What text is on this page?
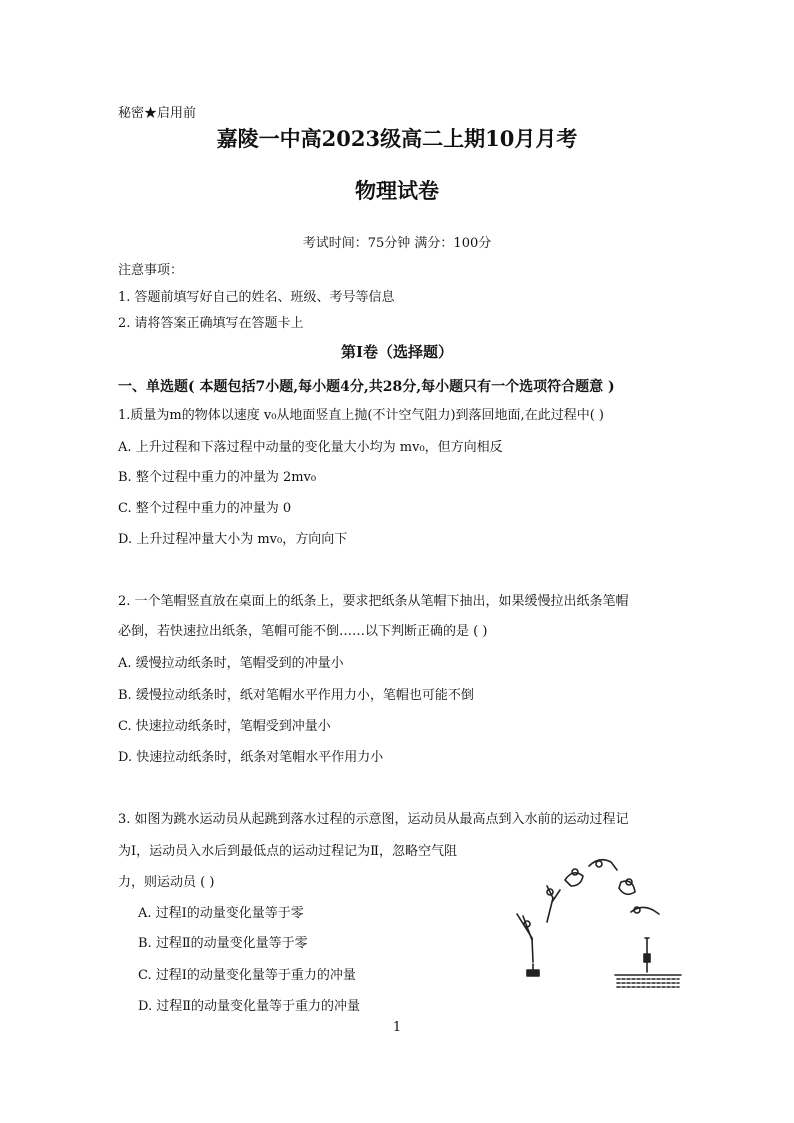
秘密★启用前
嘉陵一中高2023级高二上期10月月考
物理试卷
考试时间：75分钟 满分：100分
注意事项：
1. 答题前填写好自己的姓名、班级、考号等信息
2. 请将答案正确填写在答题卡上
第Ⅰ卷（选择题）
一、单选题( 本题包括7小题,每小题4分,共28分,每小题只有一个选项符合题意 )
1.质量为m的物体以速度 v₀从地面竖直上抛(不计空气阻力)到落回地面,在此过程中( )
A. 上升过程和下落过程中动量的变化量大小均为 mv₀，但方向相反
B. 整个过程中重力的冲量为 2mv₀
C. 整个过程中重力的冲量为 0
D. 上升过程冲量大小为 mv₀，方向向下
2. 一个笔帽竖直放在桌面上的纸条上，要求把纸条从笔帽下抽出，如果缓慢拉出纸条笔帽
必倒，若快速拉出纸条，笔帽可能不倒……以下判断正确的是 ( )
A. 缓慢拉动纸条时，笔帽受到的冲量小
B. 缓慢拉动纸条时，纸对笔帽水平作用力小，笔帽也可能不倒
C. 快速拉动纸条时，笔帽受到冲量小
D. 快速拉动纸条时，纸条对笔帽水平作用力小
3. 如图为跳水运动员从起跳到落水过程的示意图，运动员从最高点到入水前的运动过程记
为Ⅰ，运动员入水后到最低点的运动过程记为Ⅱ，忽略空气阻
力，则运动员 ( )
A. 过程Ⅰ的动量变化量等于零
B. 过程Ⅱ的动量变化量等于零
C. 过程Ⅰ的动量变化量等于重力的冲量
D. 过程Ⅱ的动量变化量等于重力的冲量
1
